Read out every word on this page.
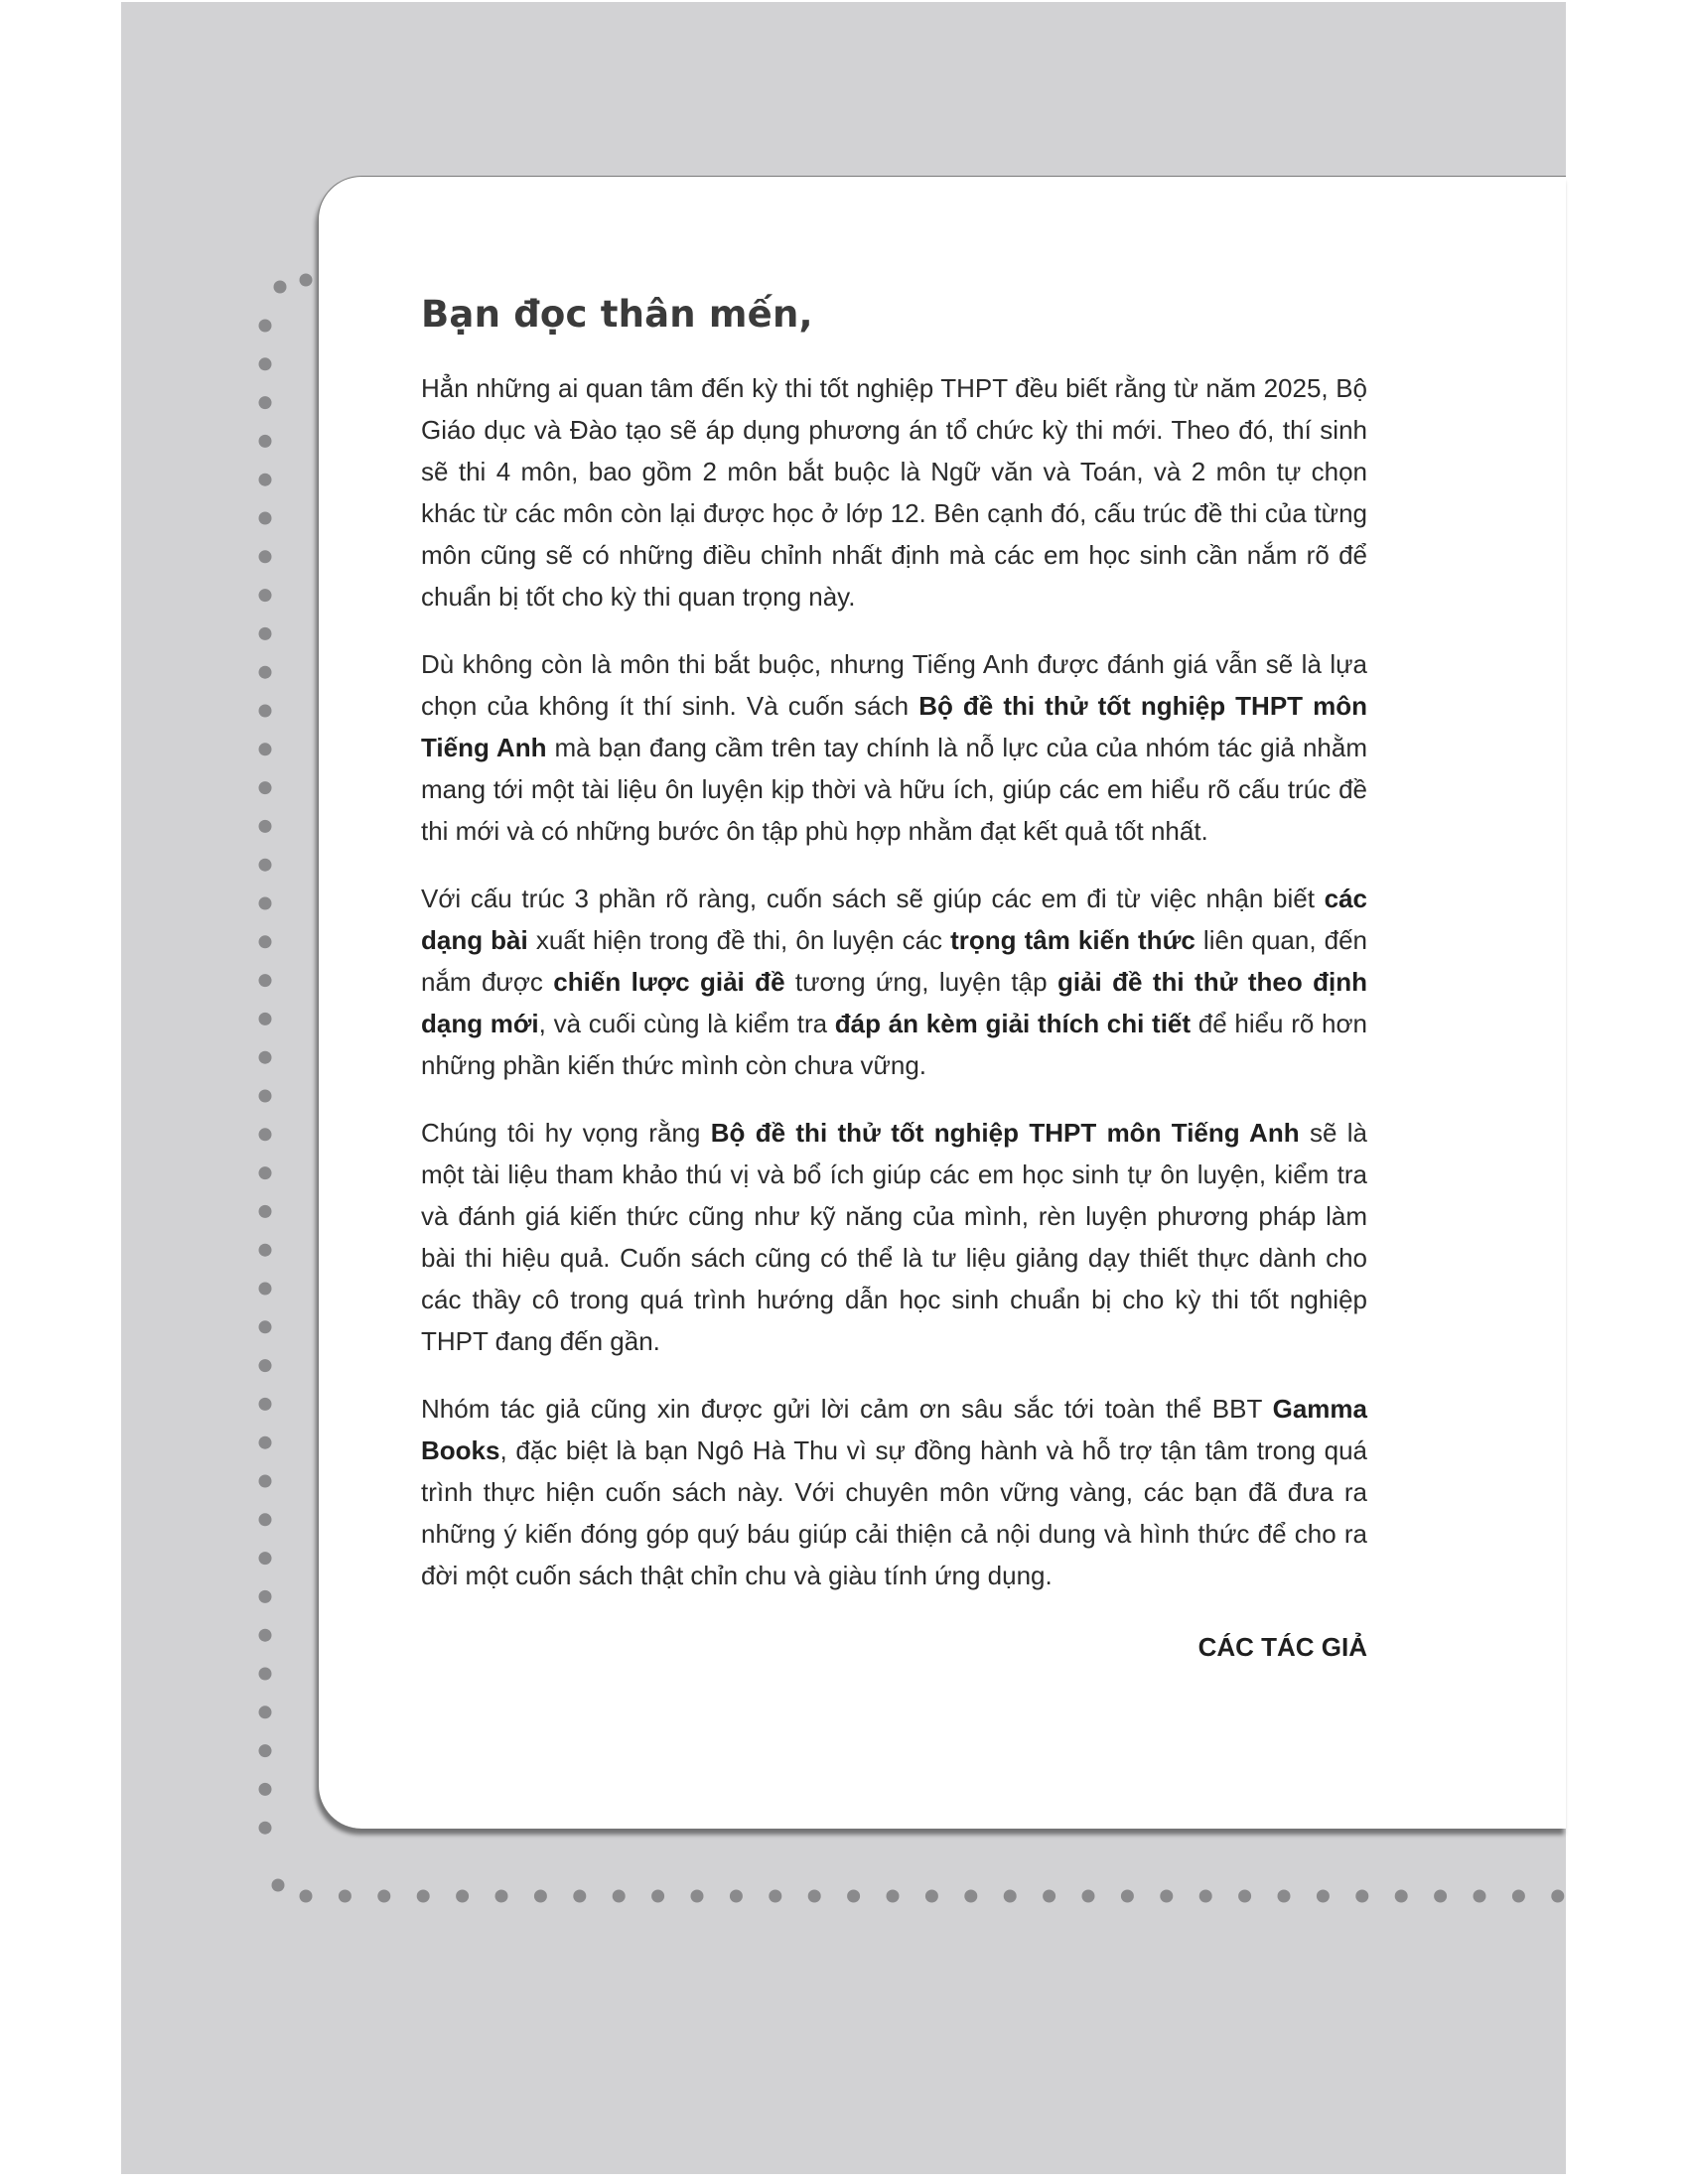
Bạn đọc thân mến,

Hẳn những ai quan tâm đến kỳ thi tốt nghiệp THPT đều biết rằng từ năm 2025, Bộ Giáo dục và Đào tạo sẽ áp dụng phương án tổ chức kỳ thi mới. Theo đó, thí sinh sẽ thi 4 môn, bao gồm 2 môn bắt buộc là Ngữ văn và Toán, và 2 môn tự chọn khác từ các môn còn lại được học ở lớp 12. Bên cạnh đó, cấu trúc đề thi của từng môn cũng sẽ có những điều chỉnh nhất định mà các em học sinh cần nắm rõ để chuẩn bị tốt cho kỳ thi quan trọng này.

Dù không còn là môn thi bắt buộc, nhưng Tiếng Anh được đánh giá vẫn sẽ là lựa chọn của không ít thí sinh. Và cuốn sách Bộ đề thi thử tốt nghiệp THPT môn Tiếng Anh mà bạn đang cầm trên tay chính là nỗ lực của của nhóm tác giả nhằm mang tới một tài liệu ôn luyện kịp thời và hữu ích, giúp các em hiểu rõ cấu trúc đề thi mới và có những bước ôn tập phù hợp nhằm đạt kết quả tốt nhất.

Với cấu trúc 3 phần rõ ràng, cuốn sách sẽ giúp các em đi từ việc nhận biết các dạng bài xuất hiện trong đề thi, ôn luyện các trọng tâm kiến thức liên quan, đến nắm được chiến lược giải đề tương ứng, luyện tập giải đề thi thử theo định dạng mới, và cuối cùng là kiểm tra đáp án kèm giải thích chi tiết để hiểu rõ hơn những phần kiến thức mình còn chưa vững.

Chúng tôi hy vọng rằng Bộ đề thi thử tốt nghiệp THPT môn Tiếng Anh sẽ là một tài liệu tham khảo thú vị và bổ ích giúp các em học sinh tự ôn luyện, kiểm tra và đánh giá kiến thức cũng như kỹ năng của mình, rèn luyện phương pháp làm bài thi hiệu quả. Cuốn sách cũng có thể là tư liệu giảng dạy thiết thực dành cho các thầy cô trong quá trình hướng dẫn học sinh chuẩn bị cho kỳ thi tốt nghiệp THPT đang đến gần.

Nhóm tác giả cũng xin được gửi lời cảm ơn sâu sắc tới toàn thể BBT Gamma Books, đặc biệt là bạn Ngô Hà Thu vì sự đồng hành và hỗ trợ tận tâm trong quá trình thực hiện cuốn sách này. Với chuyên môn vững vàng, các bạn đã đưa ra những ý kiến đóng góp quý báu giúp cải thiện cả nội dung và hình thức để cho ra đời một cuốn sách thật chỉn chu và giàu tính ứng dụng.

CÁC TÁC GIẢ
